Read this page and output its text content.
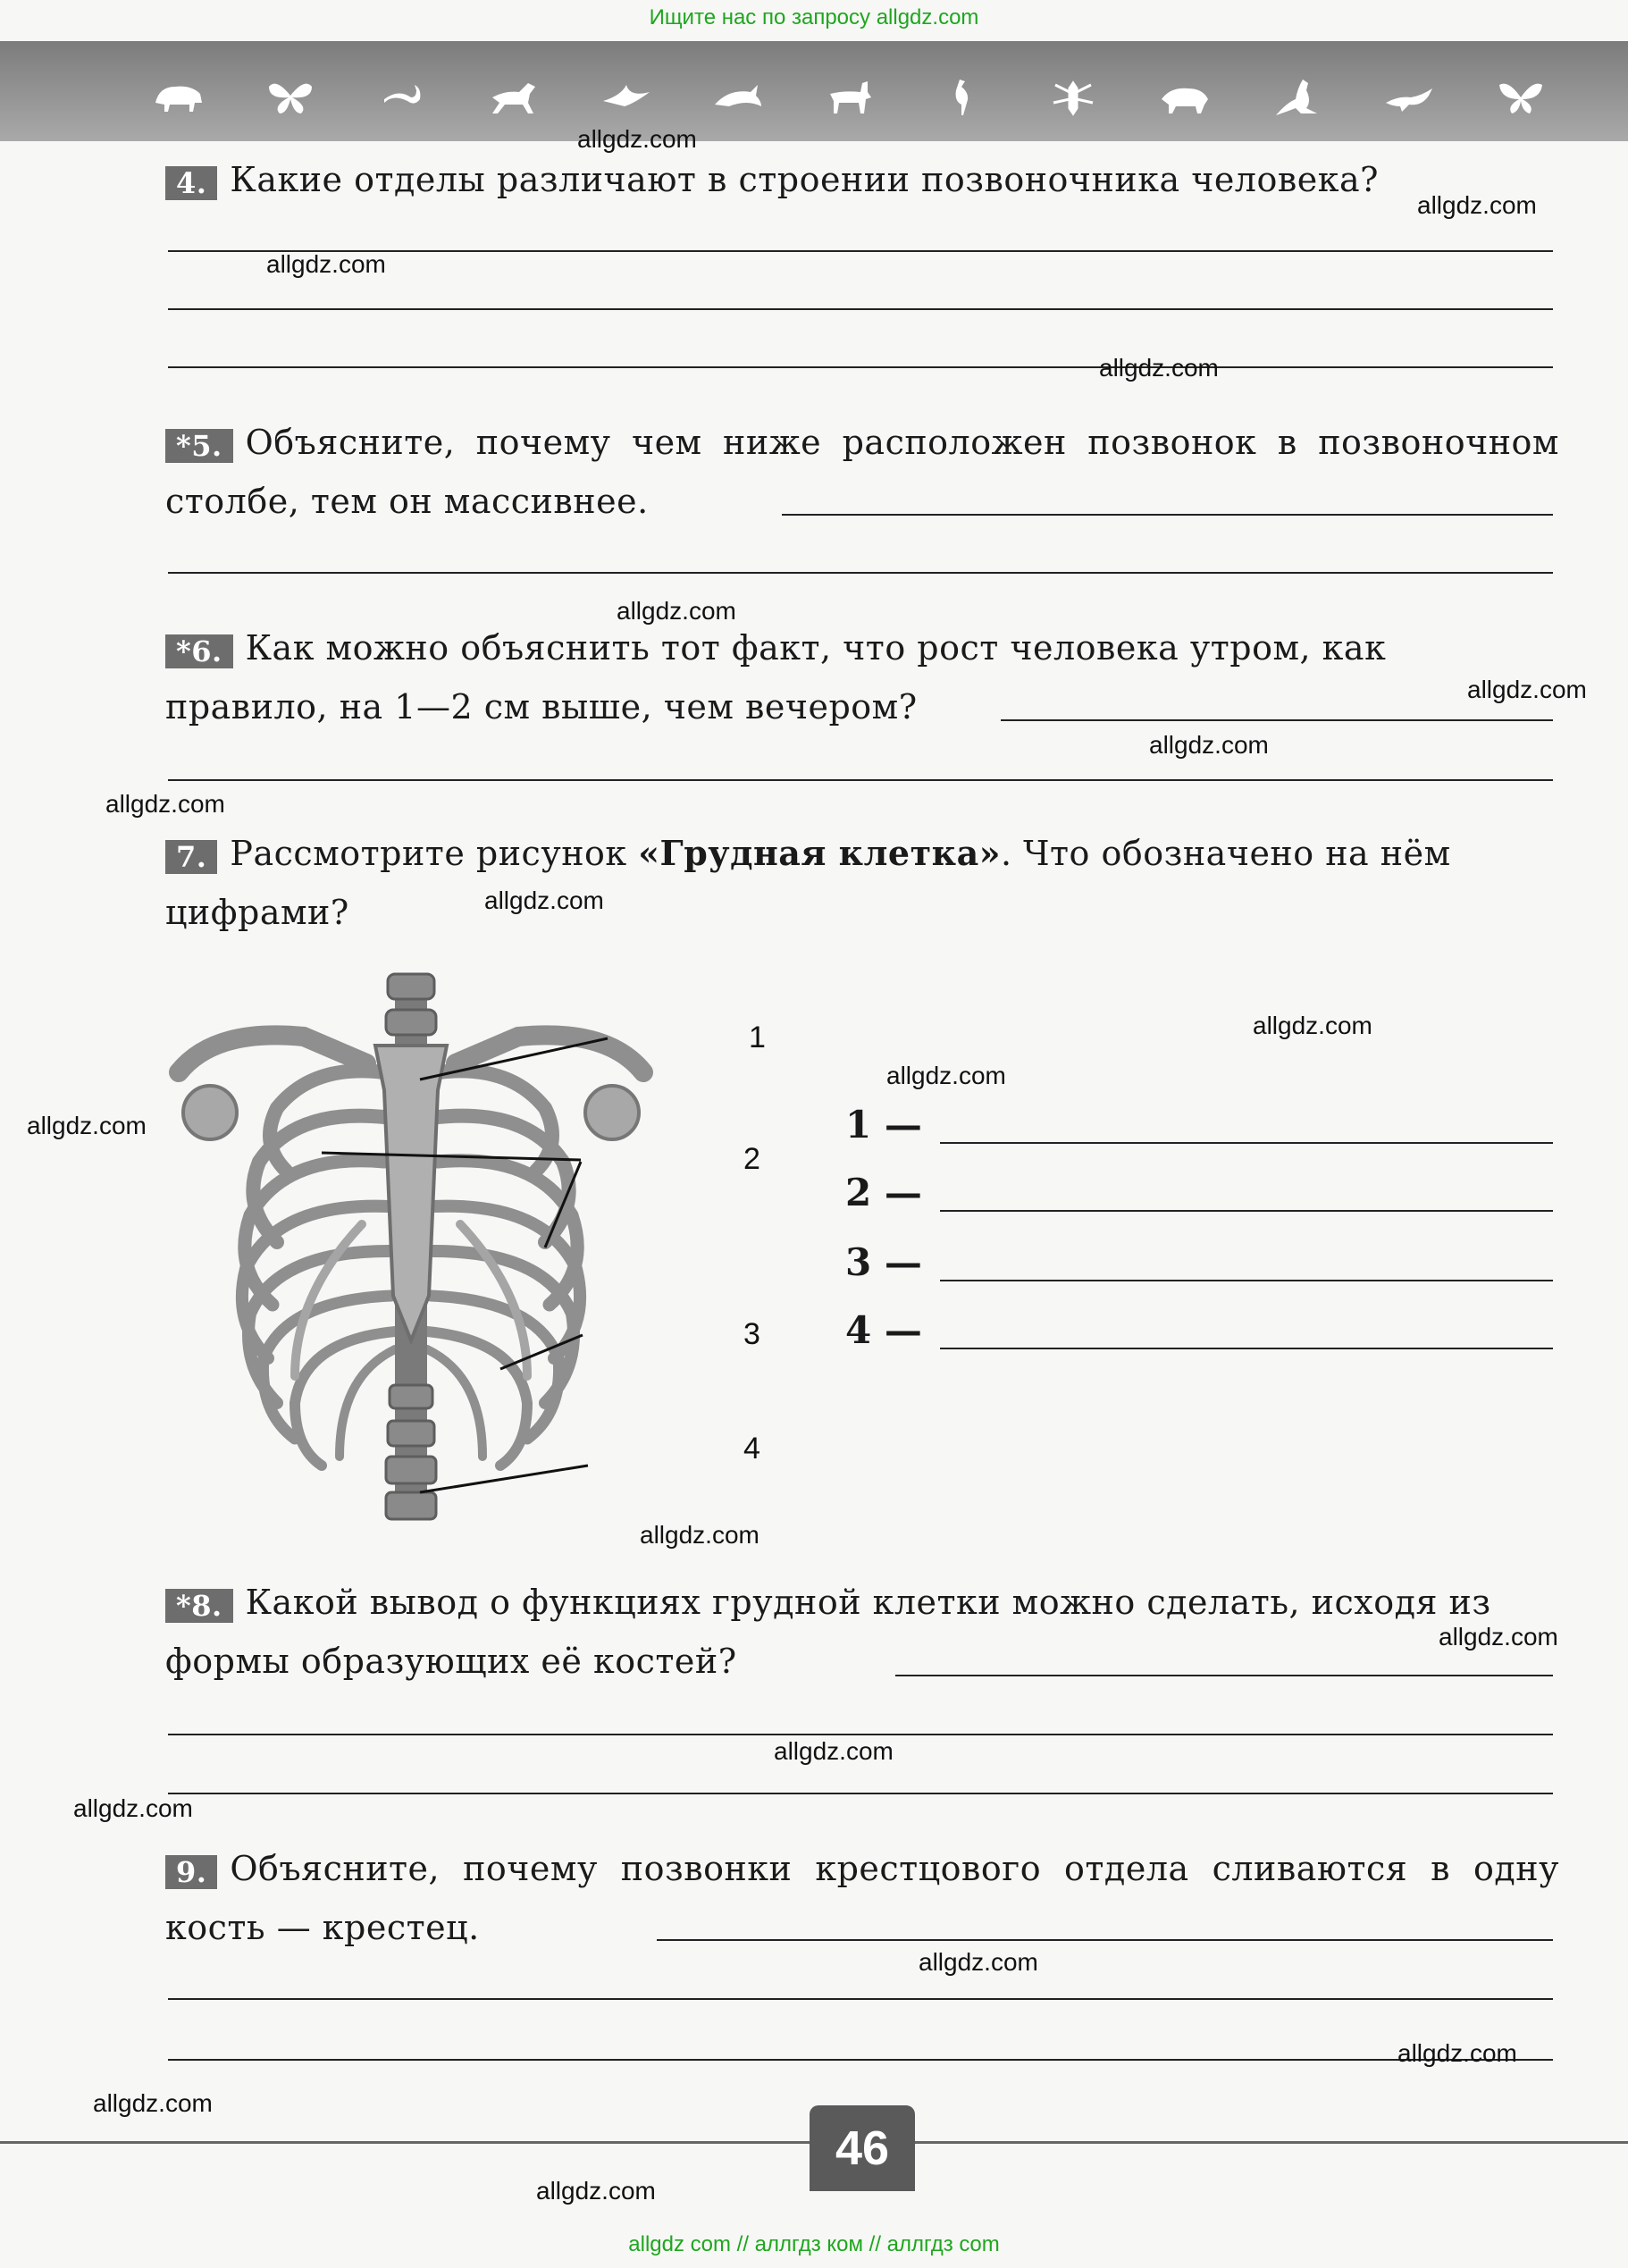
Ищите нас по запросу allgdz.com
4. Какие отделы различают в строении позвоночника человека?
*5. Объясните, почему чем ниже расположен позвонок в позвоночном столбе, тем он массивнее.
*6. Как можно объяснить тот факт, что рост человека утром, как правило, на 1—2 см выше, чем вечером?
7. Рассмотрите рисунок «Грудная клетка». Что обозначено на нём цифрами?
1
2
3
4
1 —
2 —
3 —
4 —
*8. Какой вывод о функциях грудной клетки можно сделать, исходя из формы образующих её костей?
9. Объясните, почему позвонки крестцового отдела сливаются в одну кость — крестец.
allgdz.com
allgdz.com
allgdz.com
allgdz.com
allgdz.com
allgdz.com
allgdz.com
allgdz.com
allgdz.com
allgdz.com
allgdz.com
allgdz.com
allgdz.com
allgdz.com
allgdz.com
allgdz.com
allgdz.com
allgdz.com
allgdz.com
allgdz.com
46
allgdz com // аллгдз ком // аллгдз com
